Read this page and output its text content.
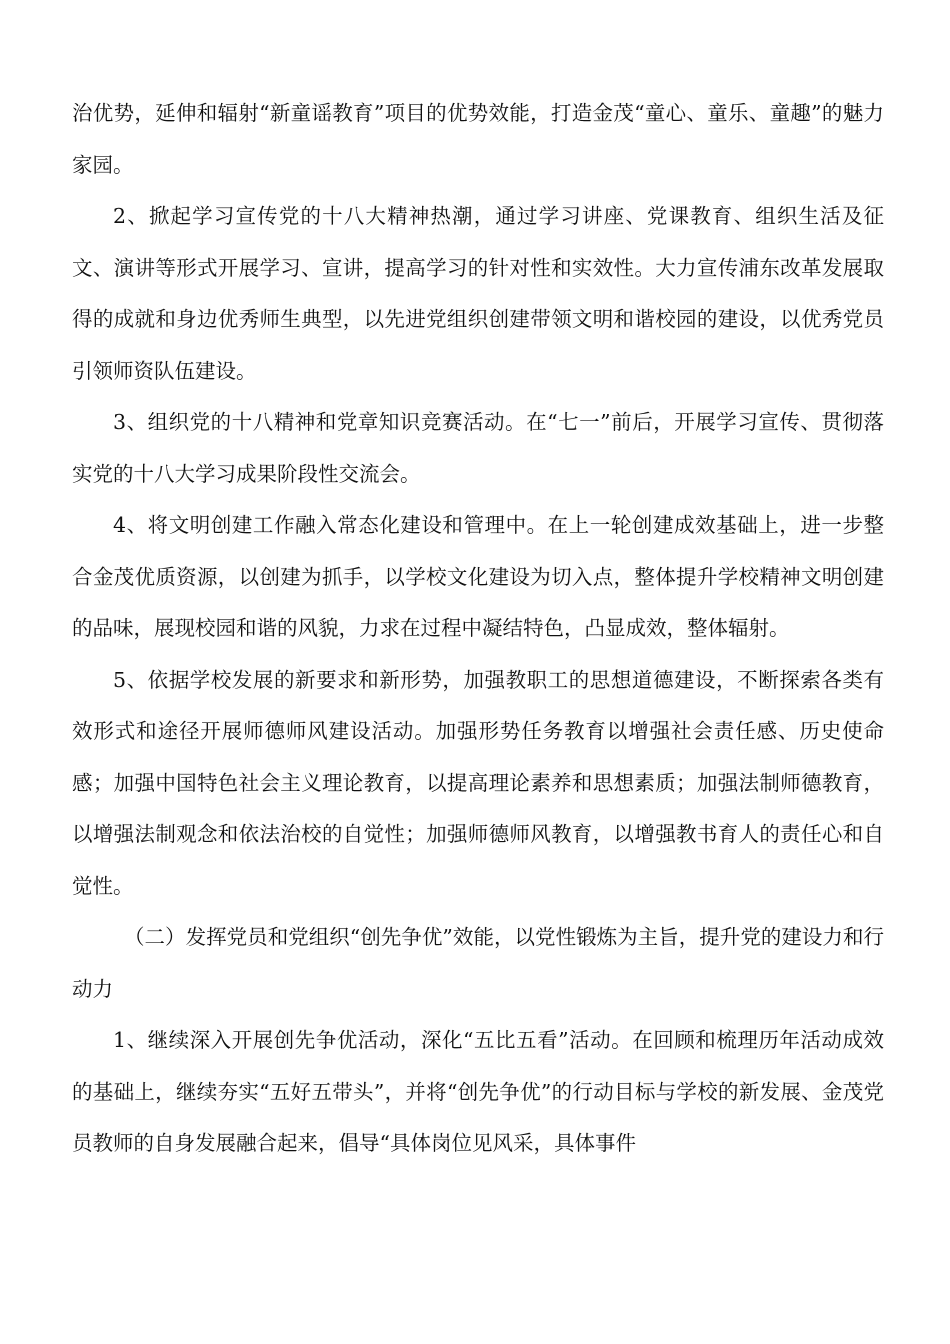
治优势，延伸和辐射“新童谣教育”项目的优势效能，打造金茂“童心、童乐、童趣”的魅力家园。

2、掀起学习宣传党的十八大精神热潮，通过学习讲座、党课教育、组织生活及征文、演讲等形式开展学习、宣讲，提高学习的针对性和实效性。大力宣传浦东改革发展取得的成就和身边优秀师生典型，以先进党组织创建带领文明和谐校园的建设，以优秀党员引领师资队伍建设。

3、组织党的十八精神和党章知识竞赛活动。在“七一”前后，开展学习宣传、贯彻落实党的十八大学习成果阶段性交流会。

4、将文明创建工作融入常态化建设和管理中。在上一轮创建成效基础上，进一步整合金茂优质资源，以创建为抓手，以学校文化建设为切入点，整体提升学校精神文明创建的品味，展现校园和谐的风貌，力求在过程中凝结特色，凸显成效，整体辐射。

5、依据学校发展的新要求和新形势，加强教职工的思想道德建设，不断探索各类有效形式和途径开展师德师风建设活动。加强形势任务教育以增强社会责任感、历史使命感；加强中国特色社会主义理论教育，以提高理论素养和思想素质；加强法制师德教育，以增强法制观念和依法治校的自觉性；加强师德师风教育，以增强教书育人的责任心和自觉性。

（二）发挥党员和党组织“创先争优”效能，以党性锻炼为主旨，提升党的建设力和行动力

1、继续深入开展创先争优活动，深化“五比五看”活动。在回顾和梳理历年活动成效的基础上，继续夯实“五好五带头”，并将“创先争优”的行动目标与学校的新发展、金茂党员教师的自身发展融合起来，倡导“具体岗位见风采，具体事件
